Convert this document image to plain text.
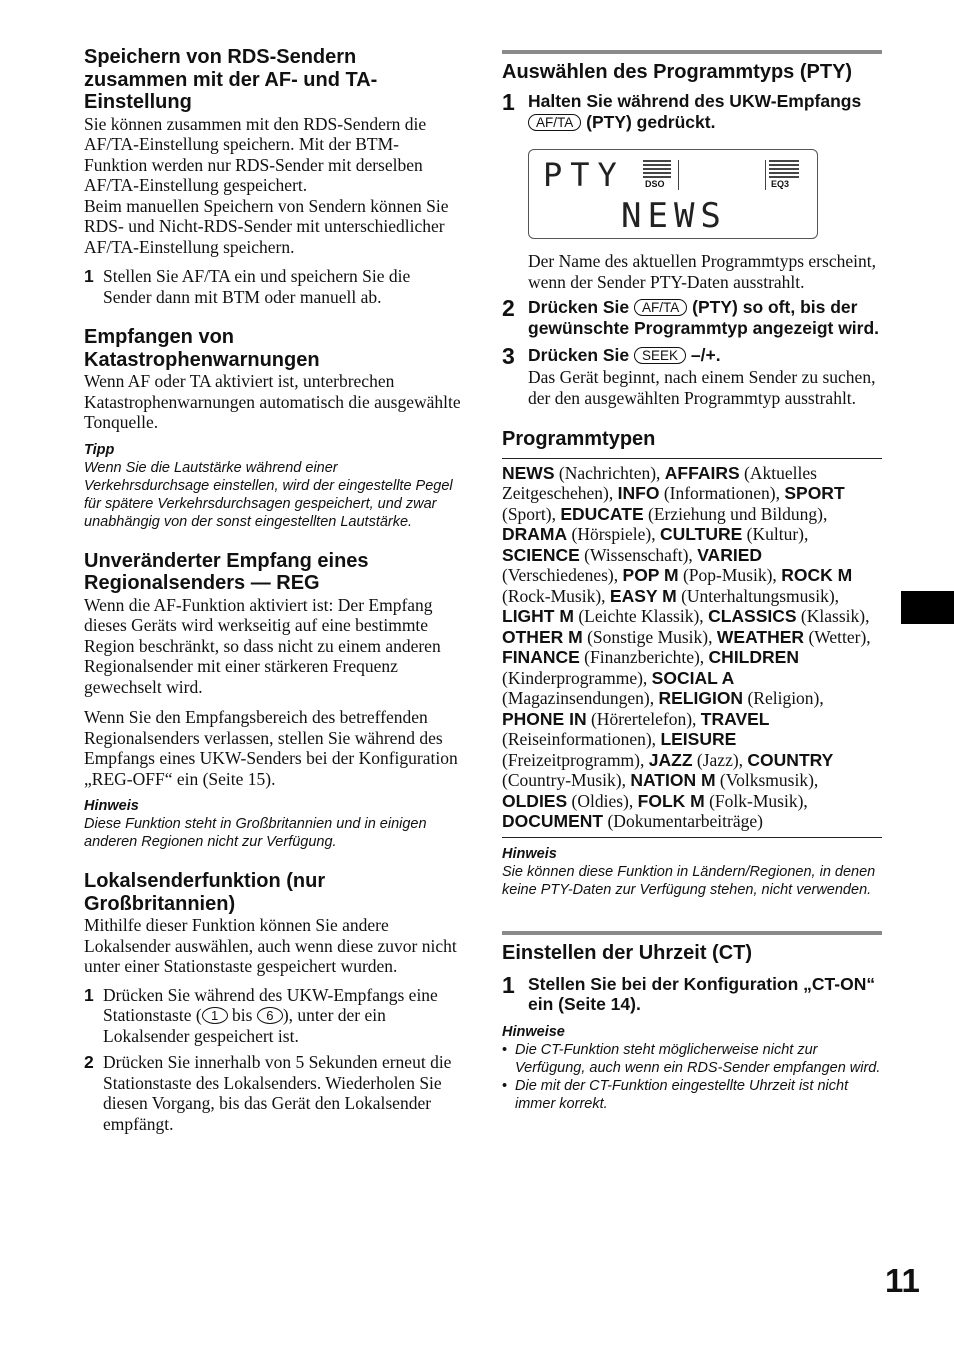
Speichern von RDS-Sendern zusammen mit der AF- und TA-Einstellung
Sie können zusammen mit den RDS-Sendern die AF/TA-Einstellung speichern. Mit der BTM-Funktion werden nur RDS-Sender mit derselben AF/TA-Einstellung gespeichert.
Beim manuellen Speichern von Sendern können Sie RDS- und Nicht-RDS-Sender mit unterschiedlicher AF/TA-Einstellung speichern.
1 Stellen Sie AF/TA ein und speichern Sie die Sender dann mit BTM oder manuell ab.
Empfangen von Katastrophenwarnungen
Wenn AF oder TA aktiviert ist, unterbrechen Katastrophenwarnungen automatisch die ausgewählte Tonquelle.
Tipp
Wenn Sie die Lautstärke während einer Verkehrsdurchsage einstellen, wird der eingestellte Pegel für spätere Verkehrsdurchsagen gespeichert, und zwar unabhängig von der sonst eingestellten Lautstärke.
Unveränderter Empfang eines Regionalsenders — REG
Wenn die AF-Funktion aktiviert ist: Der Empfang dieses Geräts wird werkseitig auf eine bestimmte Region beschränkt, so dass nicht zu einem anderen Regionalsender mit einer stärkeren Frequenz gewechselt wird.
Wenn Sie den Empfangsbereich des betreffenden Regionalsenders verlassen, stellen Sie während des Empfangs eines UKW-Senders bei der Konfiguration „REG-OFF“ ein (Seite 15).
Hinweis
Diese Funktion steht in Großbritannien und in einigen anderen Regionen nicht zur Verfügung.
Lokalsenderfunktion (nur Großbritannien)
Mithilfe dieser Funktion können Sie andere Lokalsender auswählen, auch wenn diese zuvor nicht unter einer Stationstaste gespeichert wurden.
1 Drücken Sie während des UKW-Empfangs eine Stationstaste ( 1 bis 6 ), unter der ein Lokalsender gespeichert ist.
2 Drücken Sie innerhalb von 5 Sekunden erneut die Stationstaste des Lokalsenders. Wiederholen Sie diesen Vorgang, bis das Gerät den Lokalsender empfängt.
Auswählen des Programmtyps (PTY)
1 Halten Sie während des UKW-Empfangs AF/TA (PTY) gedrückt.
PTY DSO	EQ3
NEWS
Der Name des aktuellen Programmtyps erscheint, wenn der Sender PTY-Daten ausstrahlt.
2 Drücken Sie AF/TA (PTY) so oft, bis der gewünschte Programmtyp angezeigt wird.
3 Drücken Sie SEEK –/+.
Das Gerät beginnt, nach einem Sender zu suchen, der den ausgewählten Programmtyp ausstrahlt.
Programmtypen
NEWS (Nachrichten), AFFAIRS (Aktuelles Zeitgeschehen), INFO (Informationen), SPORT (Sport), EDUCATE (Erziehung und Bildung), DRAMA (Hörspiele), CULTURE (Kultur), SCIENCE (Wissenschaft), VARIED (Verschiedenes), POP M (Pop-Musik), ROCK M (Rock-Musik), EASY M (Unterhaltungsmusik), LIGHT M (Leichte Klassik), CLASSICS (Klassik), OTHER M (Sonstige Musik), WEATHER (Wetter), FINANCE (Finanzberichte), CHILDREN (Kinderprogramme), SOCIAL A (Magazinsendungen), RELIGION (Religion), PHONE IN (Hörertelefon), TRAVEL (Reiseinformationen), LEISURE (Freizeitprogramm), JAZZ (Jazz), COUNTRY (Country-Musik), NATION M (Volksmusik), OLDIES (Oldies), FOLK M (Folk-Musik), DOCUMENT (Dokumentarbeiträge)
Hinweis
Sie können diese Funktion in Ländern/Regionen, in denen keine PTY-Daten zur Verfügung stehen, nicht verwenden.
Einstellen der Uhrzeit (CT)
1 Stellen Sie bei der Konfiguration „CT-ON“ ein (Seite 14).
Hinweise
• Die CT-Funktion steht möglicherweise nicht zur Verfügung, auch wenn ein RDS-Sender empfangen wird.
• Die mit der CT-Funktion eingestellte Uhrzeit ist nicht immer korrekt.
11
